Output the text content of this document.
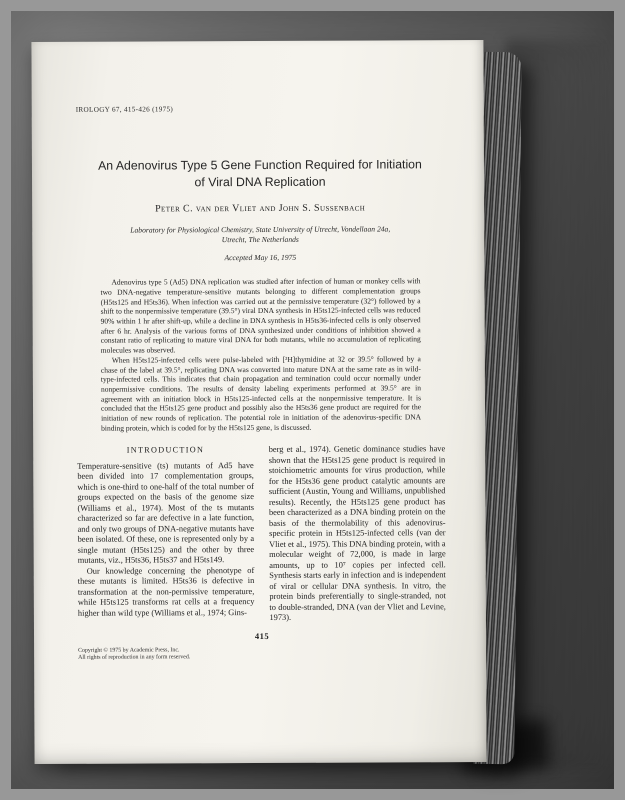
IROLOGY 67, 415-426 (1975)
An Adenovirus Type 5 Gene Function Required for Initiation
of Viral DNA Replication
Peter C. van der Vliet and John S. Sussenbach
Laboratory for Physiological Chemistry, State University of Utrecht, Vondellaan 24a, Utrecht, The Netherlands
Accepted May 16, 1975

Adenovirus type 5 (Ad5) DNA replication was studied after infection of human or monkey cells with two DNA-negative temperature-sensitive mutants belonging to different complementation groups (H5ts125 and H5ts36). When infection was carried out at the permissive temperature (32°) followed by a shift to the nonpermissive temperature (39.5°) viral DNA synthesis in H5ts125-infected cells was reduced 90% within 1 hr after shift-up, while a decline in DNA synthesis in H5ts36-infected cells is only observed after 6 hr. Analysis of the various forms of DNA synthesized under conditions of inhibition showed a constant ratio of replicating to mature viral DNA for both mutants, while no accumulation of replicating molecules was observed.

When H5ts125-infected cells were pulse-labeled with [³H]thymidine at 32 or 39.5° followed by a chase of the label at 39.5°, replicating DNA was converted into mature DNA at the same rate as in wild-type-infected cells. This indicates that chain propagation and termination could occur normally under nonpermissive conditions. The results of density labeling experiments performed at 39.5° are in agreement with an initiation block in H5ts125-infected cells at the nonpermissive temperature. It is concluded that the H5ts125 gene product and possibly also the H5ts36 gene product are required for the initiation of new rounds of replication. The potential role in initiation of the adenovirus-specific DNA binding protein, which is coded for by the H5ts125 gene, is discussed.

INTRODUCTION

Temperature-sensitive (ts) mutants of Ad5 have been divided into 17 complementation groups, which is one-third to one-half of the total number of groups expected on the basis of the genome size (Williams et al., 1974). Most of the ts mutants characterized so far are defective in a late function, and only two groups of DNA-negative mutants have been isolated. Of these, one is represented only by a single mutant (H5ts125) and the other by three mutants, viz., H5ts36, H5ts37 and H5ts149.

Our knowledge concerning the phenotype of these mutants is limited. H5ts36 is defective in transformation at the non-permissive temperature, while H5ts125 transforms rat cells at a frequency higher than wild type (Williams et al., 1974; Gins-

berg et al., 1974). Genetic dominance studies have shown that the H5ts125 gene product is required in stoichiometric amounts for virus production, while for the H5ts36 gene product catalytic amounts are sufficient (Austin, Young and Williams, unpublished results). Recently, the H5ts125 gene product has been characterized as a DNA binding protein on the basis of the thermolability of this adenovirus-specific protein in H5ts125-infected cells (van der Vliet et al., 1975). This DNA binding protein, with a molecular weight of 72,000, is made in large amounts, up to 10⁷ copies per infected cell. Synthesis starts early in infection and is independent of viral or cellular DNA synthesis. In vitro, the protein binds preferentially to single-stranded, not to double-stranded, DNA (van der Vliet and Levine, 1973).

415
Copyright © 1975 by Academic Press, Inc.
All rights of reproduction in any form reserved.
